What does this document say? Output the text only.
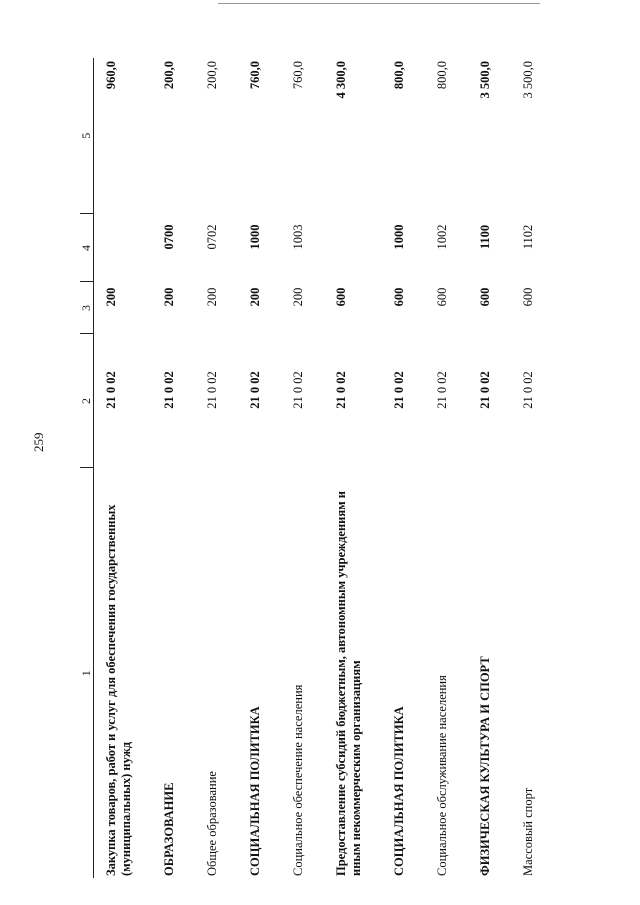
259
1	2	3	4	5
Закупка товаров, работ и услуг для обеспечения государственных (муниципальных) нужд	21 0 02	200		960,0
ОБРАЗОВАНИЕ	21 0 02	200	0700	200,0
Общее образование	21 0 02	200	0702	200,0
СОЦИАЛЬНАЯ ПОЛИТИКА	21 0 02	200	1000	760,0
Социальное обеспечение населения	21 0 02	200	1003	760,0
Предоставление субсидий бюджетным, автономным учреждениям и иным некоммерческим организациям	21 0 02	600		4 300,0
СОЦИАЛЬНАЯ ПОЛИТИКА	21 0 02	600	1000	800,0
Социальное обслуживание населения	21 0 02	600	1002	800,0
ФИЗИЧЕСКАЯ КУЛЬТУРА И СПОРТ	21 0 02	600	1100	3 500,0
Массовый спорт	21 0 02	600	1102	3 500,0
